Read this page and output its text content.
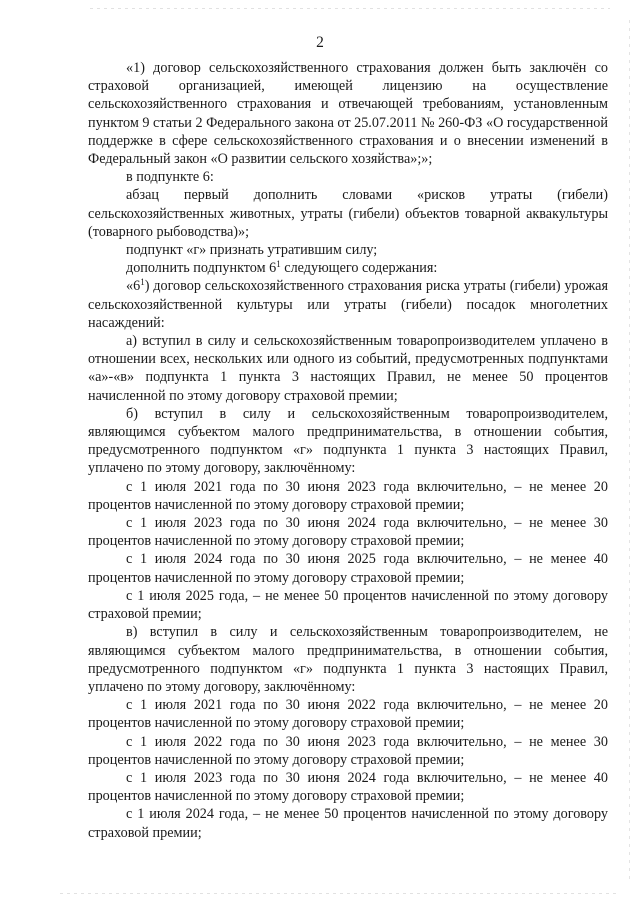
2

«1) договор сельскохозяйственного страхования должен быть заключён со страховой организацией, имеющей лицензию на осуществление сельскохозяйственного страхования и отвечающей требованиям, установленным пунктом 9 статьи 2 Федерального закона от 25.07.2011 № 260-ФЗ «О государственной поддержке в сфере сельскохозяйственного страхования и о внесении изменений в Федеральный закон «О развитии сельского хозяйства»;»;

в подпункте 6:

абзац первый дополнить словами «рисков утраты (гибели) сельскохозяйственных животных, утраты (гибели) объектов товарной аквакультуры (товарного рыбоводства)»;

подпункт «г» признать утратившим силу;

дополнить подпунктом $6^1$ следующего содержания:

«$6^1$) договор сельскохозяйственного страхования риска утраты (гибели) урожая сельскохозяйственной культуры или утраты (гибели) посадок многолетних насаждений:

а) вступил в силу и сельскохозяйственным товаропроизводителем уплачено в отношении всех, нескольких или одного из событий, предусмотренных подпунктами «а»-«в» подпункта 1 пункта 3 настоящих Правил, не менее 50 процентов начисленной по этому договору страховой премии;

б) вступил в силу и сельскохозяйственным товаропроизводителем, являющимся субъектом малого предпринимательства, в отношении события, предусмотренного подпунктом «г» подпункта 1 пункта 3 настоящих Правил, уплачено по этому договору, заключённому:

с 1 июля 2021 года по 30 июня 2023 года включительно, – не менее 20 процентов начисленной по этому договору страховой премии;

с 1 июля 2023 года по 30 июня 2024 года включительно, – не менее 30 процентов начисленной по этому договору страховой премии;

с 1 июля 2024 года по 30 июня 2025 года включительно, – не менее 40 процентов начисленной по этому договору страховой премии;

с 1 июля 2025 года, – не менее 50 процентов начисленной по этому договору страховой премии;

в) вступил в силу и сельскохозяйственным товаропроизводителем, не являющимся субъектом малого предпринимательства, в отношении события, предусмотренного подпунктом «г» подпункта 1 пункта 3 настоящих Правил, уплачено по этому договору, заключённому:

с 1 июля 2021 года по 30 июня 2022 года включительно, – не менее 20 процентов начисленной по этому договору страховой премии;

с 1 июля 2022 года по 30 июня 2023 года включительно, – не менее 30 процентов начисленной по этому договору страховой премии;

с 1 июля 2023 года по 30 июня 2024 года включительно, – не менее 40 процентов начисленной по этому договору страховой премии;

с 1 июля 2024 года, – не менее 50 процентов начисленной по этому договору страховой премии;
